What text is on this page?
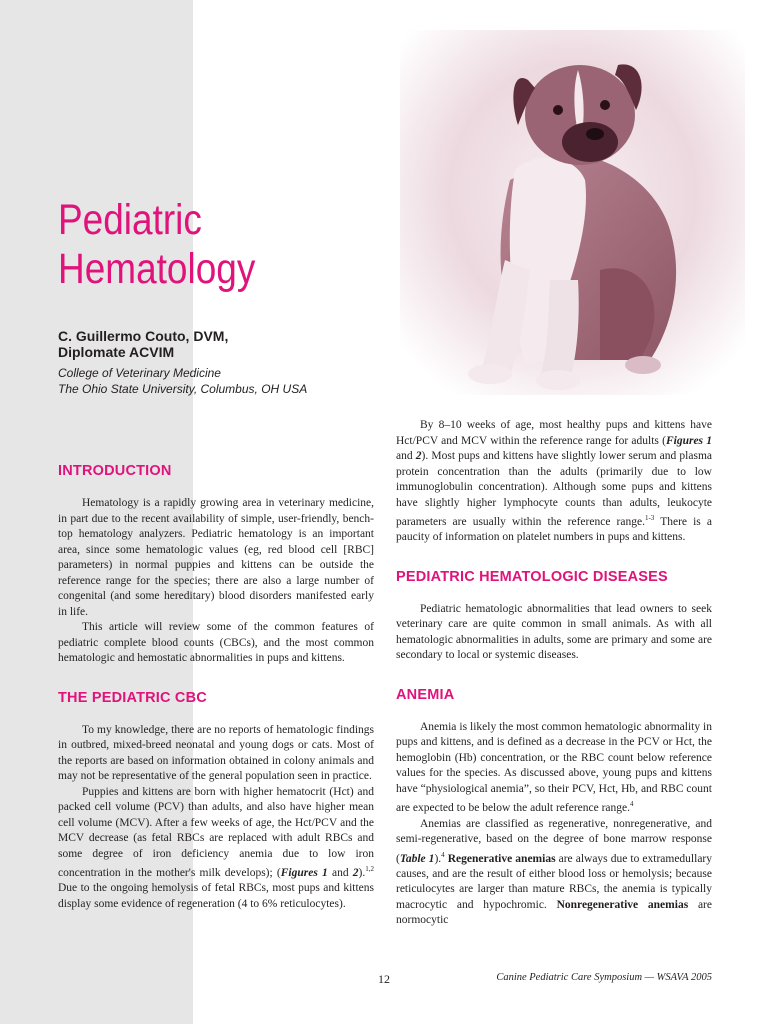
Pediatric
Hematology
C. Guillermo Couto, DVM,
Diplomate ACVIM
College of Veterinary Medicine
The Ohio State University, Columbus, OH USA
INTRODUCTION

Hematology is a rapidly growing area in veterinary medicine, in part due to the recent availability of simple, user-friendly, bench-top hematology analyzers. Pediatric hematology is an important area, since some hematologic values (eg, red blood cell [RBC] parameters) in normal puppies and kittens can be outside the reference range for the species; there are also a large number of congenital (and some hereditary) blood disorders manifested early in life.

This article will review some of the common features of pediatric complete blood counts (CBCs), and the most common hematologic and hemostatic abnormalities in pups and kittens.

THE PEDIATRIC CBC

To my knowledge, there are no reports of hematologic findings in outbred, mixed-breed neonatal and young dogs or cats. Most of the reports are based on information obtained in colony animals and may not be representative of the general population seen in practice.

Puppies and kittens are born with higher hematocrit (Hct) and packed cell volume (PCV) than adults, and also have higher mean cell volume (MCV). After a few weeks of age, the Hct/PCV and the MCV decrease (as fetal RBCs are replaced with adult RBCs and some degree of iron deficiency anemia due to low iron concentration in the mother's milk develops); (Figures 1 and 2).$^{1,2}$ Due to the ongoing hemolysis of fetal RBCs, most pups and kittens display some evidence of regeneration (4 to 6% reticulocytes).

By 8–10 weeks of age, most healthy pups and kittens have Hct/PCV and MCV within the reference range for adults (Figures 1 and 2). Most pups and kittens have slightly lower serum and plasma protein concentration than the adults (primarily due to low immunoglobulin concentration). Although some pups and kittens have slightly higher lymphocyte counts than adults, leukocyte parameters are usually within the reference range.$^{1-3}$ There is a paucity of information on platelet numbers in pups and kittens.

PEDIATRIC HEMATOLOGIC DISEASES

Pediatric hematologic abnormalities that lead owners to seek veterinary care are quite common in small animals. As with all hematologic abnormalities in adults, some are primary and some are secondary to local or systemic diseases.

ANEMIA

Anemia is likely the most common hematologic abnormality in pups and kittens, and is defined as a decrease in the PCV or Hct, the hemoglobin (Hb) concentration, or the RBC count below reference values for the species. As discussed above, young pups and kittens have “physiological anemia”, so their PCV, Hct, Hb, and RBC count are expected to be below the adult reference range.$^4$

Anemias are classified as regenerative, nonregenerative, and semi-regenerative, based on the degree of bone marrow response (Table 1).$^4$ Regenerative anemias are always due to extramedullary causes, and are the result of either blood loss or hemolysis; because reticulocytes are larger than mature RBCs, the anemia is typically macrocytic and hypochromic. Nonregenerative anemias are normocytic

12	Canine Pediatric Care Symposium — WSAVA 2005
